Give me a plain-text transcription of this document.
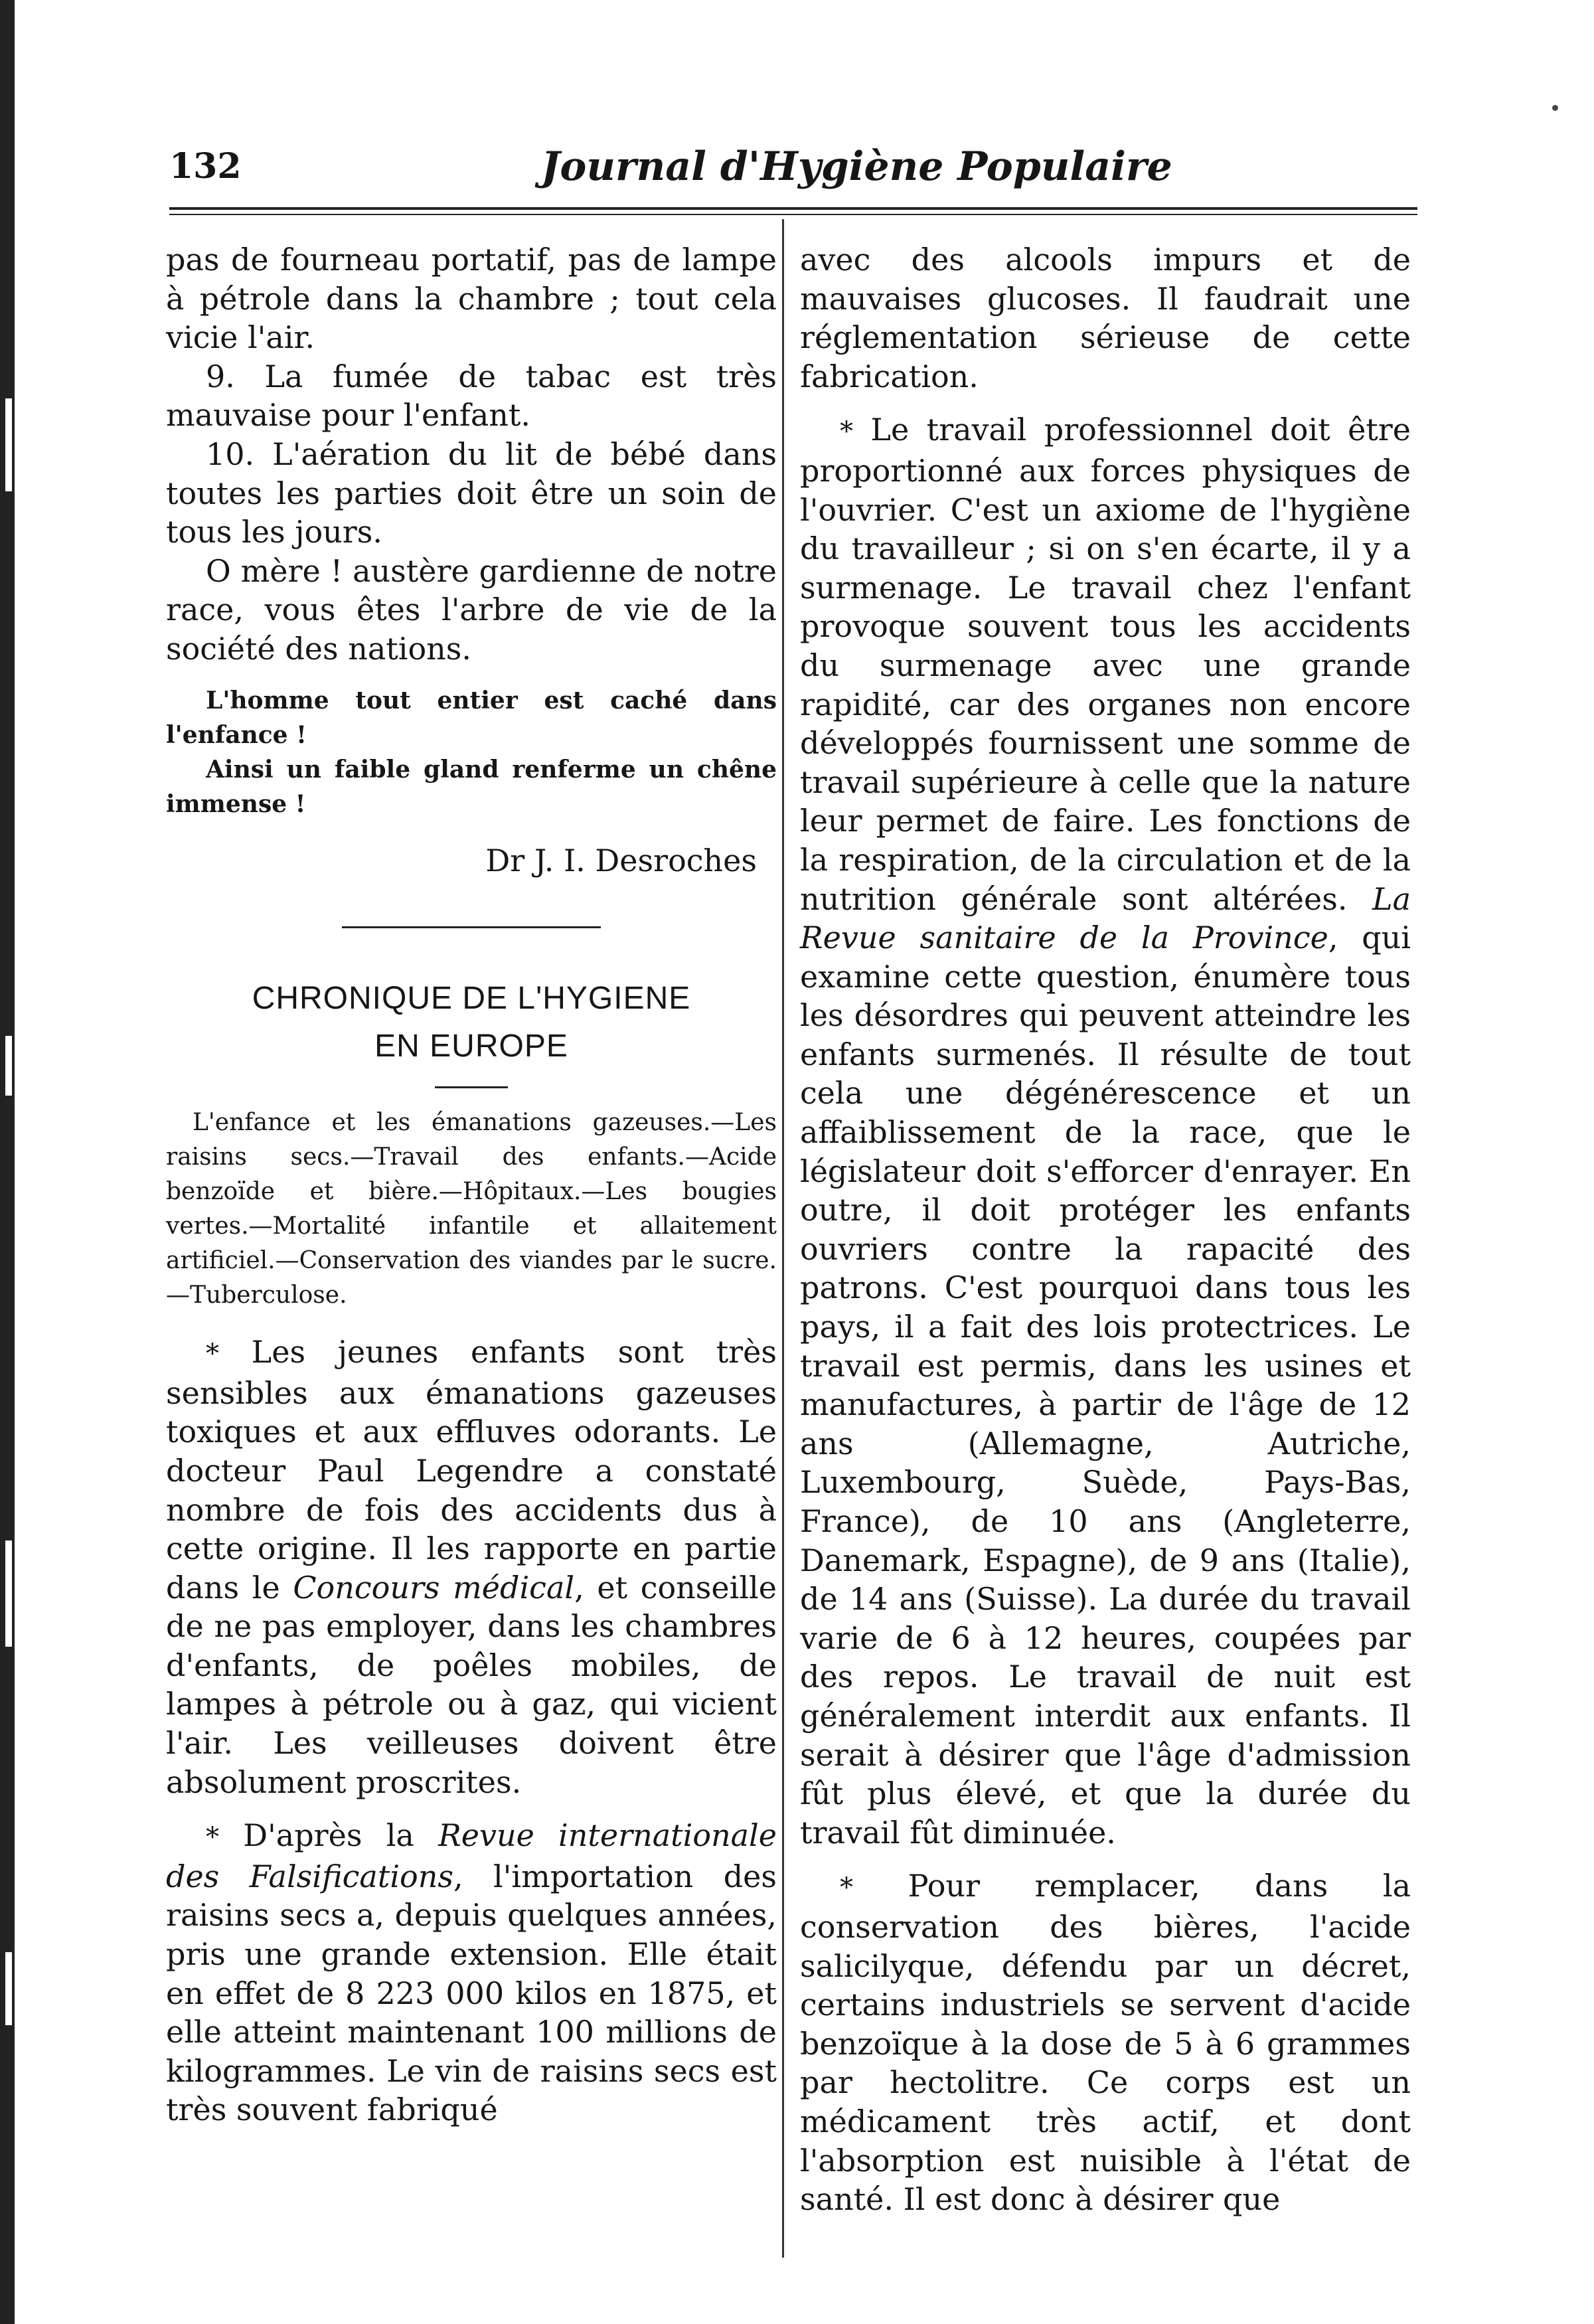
132	Journal d'Hygiène Populaire

pas de fourneau portatif, pas de lampe à pétrole dans la chambre ; tout cela vicie l'air.

9. La fumée de tabac est très mauvaise pour l'enfant.

10. L'aération du lit de bébé dans toutes les parties doit être un soin de tous les jours.

O mère ! austère gardienne de notre race, vous êtes l'arbre de vie de la société des nations.

L'homme tout entier est caché dans l'enfance !

Ainsi un faible gland renferme un chêne immense !

Dr J. I. Desroches

CHRONIQUE DE L'HYGIENE

EN EUROPE

L'enfance et les émanations gazeuses.—Les raisins secs.—Travail des enfants.—Acide benzoïde et bière.—Hôpitaux.—Les bougies vertes.—Mortalité infantile et allaitement artificiel.—Conservation des viandes par le sucre.—Tuberculose.

* Les jeunes enfants sont très sensibles aux émanations gazeuses toxiques et aux effluves odorants. Le docteur Paul Legendre a constaté nombre de fois des accidents dus à cette origine. Il les rapporte en partie dans le Concours médical, et conseille de ne pas employer, dans les chambres d'enfants, de poêles mobiles, de lampes à pétrole ou à gaz, qui vicient l'air. Les veilleuses doivent être absolument proscrites.

* D'après la Revue internationale des Falsifications, l'importation des raisins secs a, depuis quelques années, pris une grande extension. Elle était en effet de 8 223 000 kilos en 1875, et elle atteint maintenant 100 millions de kilogrammes. Le vin de raisins secs est très souvent fabriqué

avec des alcools impurs et de mauvaises glucoses. Il faudrait une réglementation sérieuse de cette fabrication.

* Le travail professionnel doit être proportionné aux forces physiques de l'ouvrier. C'est un axiome de l'hygiène du travailleur ; si on s'en écarte, il y a surmenage. Le travail chez l'enfant provoque souvent tous les accidents du surmenage avec une grande rapidité, car des organes non encore développés fournissent une somme de travail supérieure à celle que la nature leur permet de faire. Les fonctions de la respiration, de la circulation et de la nutrition générale sont altérées. La Revue sanitaire de la Province, qui examine cette question, énumère tous les désordres qui peuvent atteindre les enfants surmenés. Il résulte de tout cela une dégénérescence et un affaiblissement de la race, que le législateur doit s'efforcer d'enrayer. En outre, il doit protéger les enfants ouvriers contre la rapacité des patrons. C'est pourquoi dans tous les pays, il a fait des lois protectrices. Le travail est permis, dans les usines et manufactures, à partir de l'âge de 12 ans (Allemagne, Autriche, Luxembourg, Suède, Pays-Bas, France), de 10 ans (Angleterre, Danemark, Espagne), de 9 ans (Italie), de 14 ans (Suisse). La durée du travail varie de 6 à 12 heures, coupées par des repos. Le travail de nuit est généralement interdit aux enfants. Il serait à désirer que l'âge d'admission fût plus élevé, et que la durée du travail fût diminuée.

* Pour remplacer, dans la conservation des bières, l'acide salicilyque, défendu par un décret, certains industriels se servent d'acide benzoïque à la dose de 5 à 6 grammes par hectolitre. Ce corps est un médicament très actif, et dont l'absorption est nuisible à l'état de santé. Il est donc à désirer que
